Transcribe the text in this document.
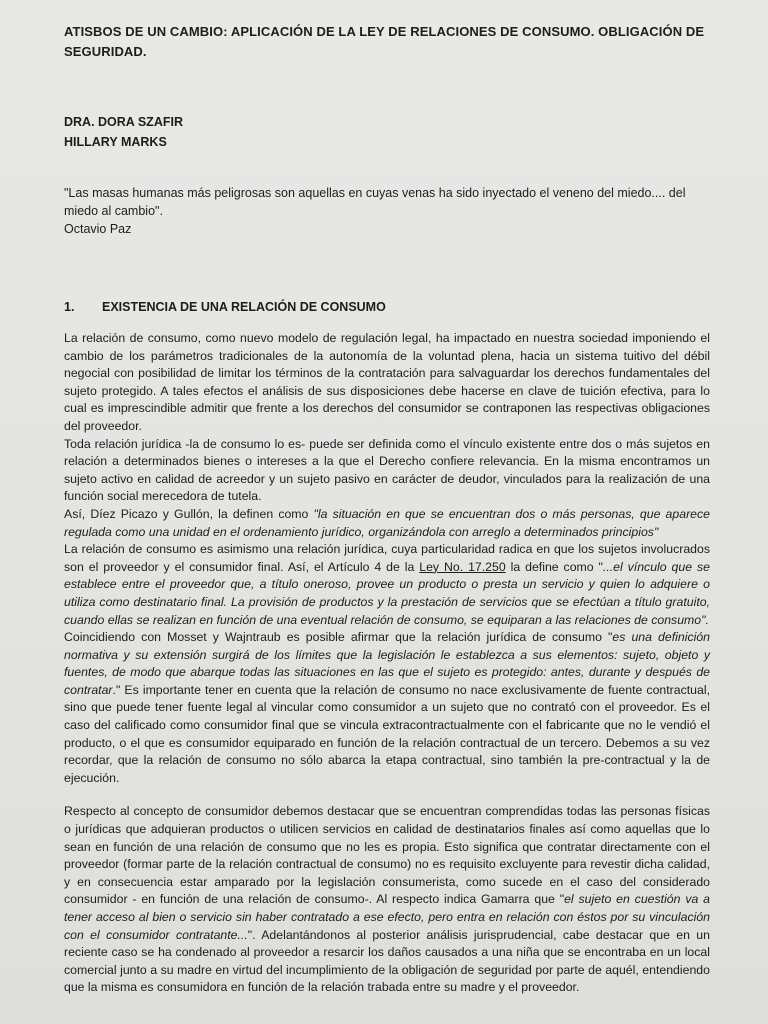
ATISBOS DE UN CAMBIO: APLICACIÓN DE LA LEY DE RELACIONES DE CONSUMO. OBLIGACIÓN DE SEGURIDAD.
DRA. DORA SZAFIR
HILLARY MARKS
"Las masas humanas más peligrosas son aquellas en cuyas venas ha sido inyectado el veneno del miedo.... del miedo al cambio".
Octavio Paz
1. EXISTENCIA DE UNA RELACIÓN DE CONSUMO

La relación de consumo, como nuevo modelo de regulación legal, ha impactado en nuestra sociedad imponiendo el cambio de los parámetros tradicionales de la autonomía de la voluntad plena, hacia un sistema tuitivo del débil negocial con posibilidad de limitar los términos de la contratación para salvaguardar los derechos fundamentales del sujeto protegido. A tales efectos el análisis de sus disposiciones debe hacerse en clave de tuición efectiva, para lo cual es imprescindible admitir que frente a los derechos del consumidor se contraponen las respectivas obligaciones del proveedor.

Toda relación jurídica -la de consumo lo es- puede ser definida como el vínculo existente entre dos o más sujetos en relación a determinados bienes o intereses a la que el Derecho confiere relevancia. En la misma encontramos un sujeto activo en calidad de acreedor y un sujeto pasivo en carácter de deudor, vinculados para la realización de una función social merecedora de tutela.

Así, Díez Picazo y Gullón, la definen como "la situación en que se encuentran dos o más personas, que aparece regulada como una unidad en el ordenamiento jurídico, organizándola con arreglo a determinados principios"

La relación de consumo es asimismo una relación jurídica, cuya particularidad radica en que los sujetos involucrados son el proveedor y el consumidor final. Así, el Artículo 4 de la Ley No. 17.250 la define como "...el vínculo que se establece entre el proveedor que, a título oneroso, provee un producto o presta un servicio y quien lo adquiere o utiliza como destinatario final. La provisión de productos y la prestación de servicios que se efectúan a título gratuito, cuando ellas se realizan en función de una eventual relación de consumo, se equiparan a las relaciones de consumo".

Coincidiendo con Mosset y Wajntraub es posible afirmar que la relación jurídica de consumo "es una definición normativa y su extensión surgirá de los límites que la legislación le establezca a sus elementos: sujeto, objeto y fuentes, de modo que abarque todas las situaciones en las que el sujeto es protegido: antes, durante y después de contratar." Es importante tener en cuenta que la relación de consumo no nace exclusivamente de fuente contractual, sino que puede tener fuente legal al vincular como consumidor a un sujeto que no contrató con el proveedor. Es el caso del calificado como consumidor final que se vincula extracontractualmente con el fabricante que no le vendió el producto, o el que es consumidor equiparado en función de la relación contractual de un tercero. Debemos a su vez recordar, que la relación de consumo no sólo abarca la etapa contractual, sino también la pre-contractual y la de ejecución.

Respecto al concepto de consumidor debemos destacar que se encuentran comprendidas todas las personas físicas o jurídicas que adquieran productos o utilicen servicios en calidad de destinatarios finales así como aquellas que lo sean en función de una relación de consumo que no les es propia. Esto significa que contratar directamente con el proveedor (formar parte de la relación contractual de consumo) no es requisito excluyente para revestir dicha calidad, y en consecuencia estar amparado por la legislación consumerista, como sucede en el caso del considerado consumidor - en función de una relación de consumo-. Al respecto indica Gamarra que "el sujeto en cuestión va a tener acceso al bien o servicio sin haber contratado a ese efecto, pero entra en relación con éstos por su vinculación con el consumidor contratante...". Adelantándonos al posterior análisis jurisprudencial, cabe destacar que en un reciente caso se ha condenado al proveedor a resarcir los daños causados a una niña que se encontraba en un local comercial junto a su madre en virtud del incumplimiento de la obligación de seguridad por parte de aquél, entendiendo que la misma es consumidora en función de la relación trabada entre su madre y el proveedor.
